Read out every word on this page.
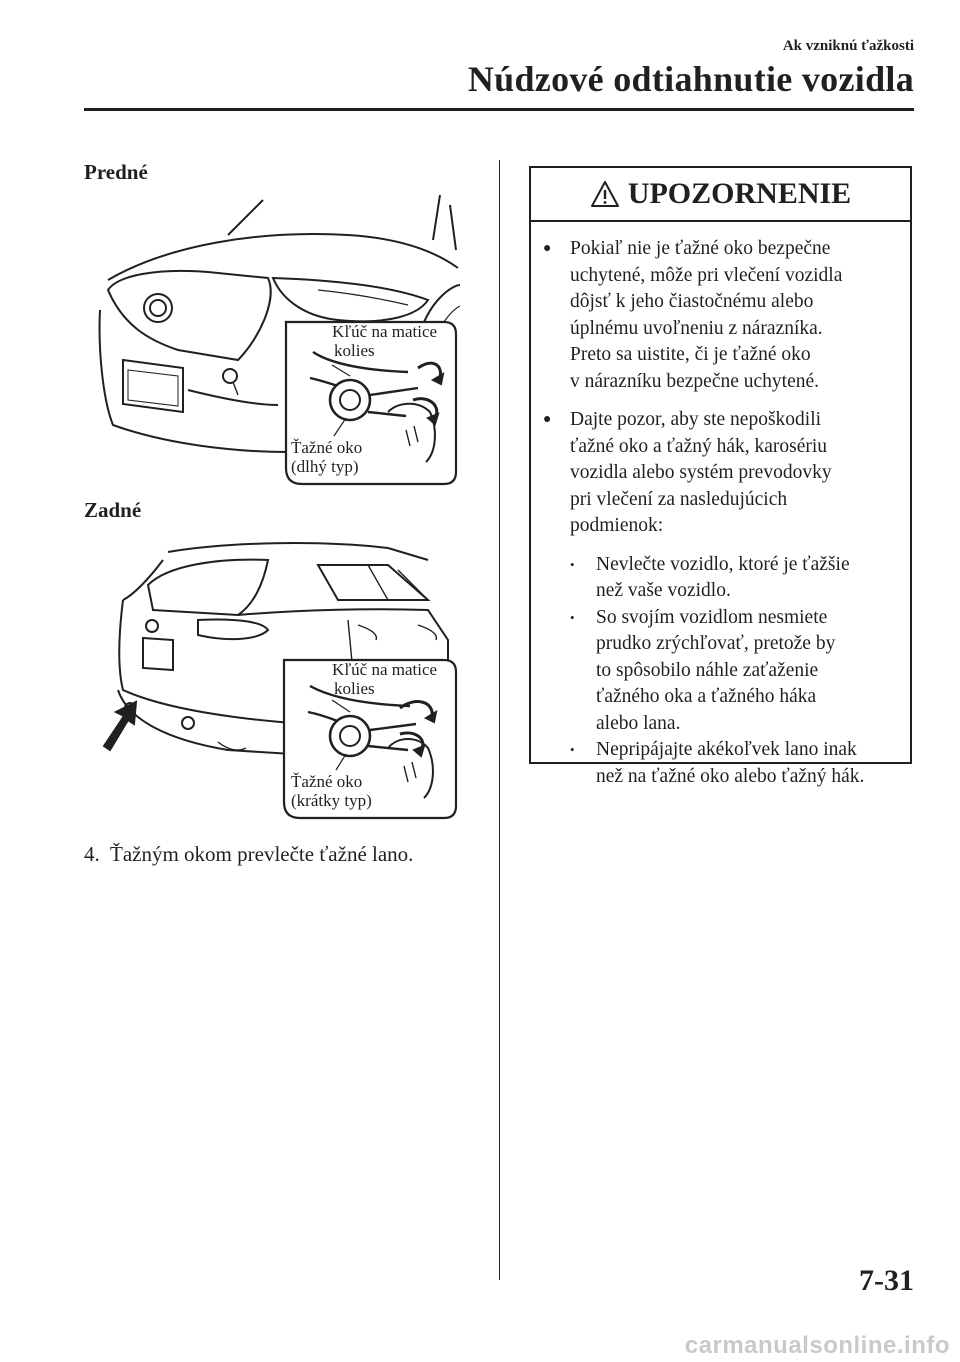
Ak vzniknú ťažkosti
Núdzové odtiahnutie vozidla
Predné
Kľúč na matice
kolies
Ťažné oko
(dlhý typ)
Zadné
Kľúč na matice
kolies
Ťažné oko
(krátky typ)
4. Ťažným okom prevlečte ťažné lano.
UPOZORNENIE
● Pokiaľ nie je ťažné oko bezpečne
uchytené, môže pri vlečení vozidla
dôjsť k jeho čiastočnému alebo
úplnému uvoľneniu z nárazníka.
Preto sa uistite, či je ťažné oko
v nárazníku bezpečne uchytené.
● Dajte pozor, aby ste nepoškodili
ťažné oko a ťažný hák, karosériu
vozidla alebo systém prevodovky
pri vlečení za nasledujúcich
podmienok:
•	Nevlečte vozidlo, ktoré je ťažšie
než vaše vozidlo.
•	So svojím vozidlom nesmiete
prudko zrýchľovať, pretože by
to spôsobilo náhle zaťaženie
ťažného oka a ťažného háka
alebo lana.
•	Nepripájajte akékoľvek lano inak
než na ťažné oko alebo ťažný hák.
7-31
carmanualsonline.info
